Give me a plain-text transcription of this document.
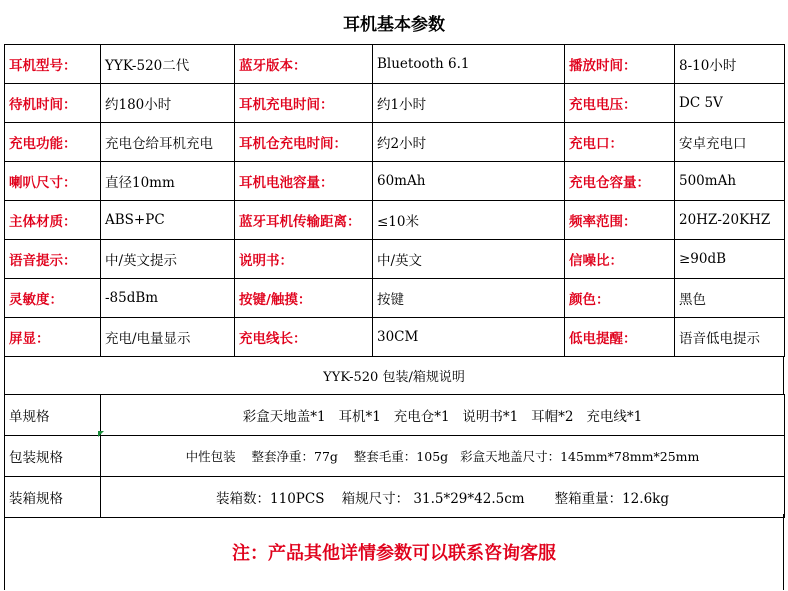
耳机基本参数
耳机型号：	YYK-520二代	蓝牙版本：	Bluetooth 6.1	播放时间：	8-10小时
待机时间：	约180小时	耳机充电时间：	约1小时	充电电压：	DC 5V
充电功能：	充电仓给耳机充电	耳机仓充电时间：	约2小时	充电口：	安卓充电口
喇叭尺寸：	直径10mm	耳机电池容量：	60mAh	充电仓容量：	500mAh
主体材质：	ABS+PC	蓝牙耳机传输距离：	≤10米	频率范围：	20HZ-20KHZ
语音提示：	中/英文提示	说明书：	中/英文	信噪比：	≥90dB
灵敏度：	-85dBm	按键/触摸：	按键	颜色：	黑色
屏显：	充电/电量显示	充电线长：	30CM	低电提醒：	语音低电提示
YYK-520 包装/箱规说明
单规格	彩盒天地盖*1   耳机*1   充电仓*1   说明书*1   耳帽*2   充电线*1
包装规格	中性包装    整套净重：77g    整套毛重：105g   彩盒天地盖尺寸：145mm*78mm*25mm
装箱规格	装箱数：110PCS    箱规尺寸： 31.5*29*42.5cm       整箱重量：12.6kg
注：产品其他详情参数可以联系咨询客服
